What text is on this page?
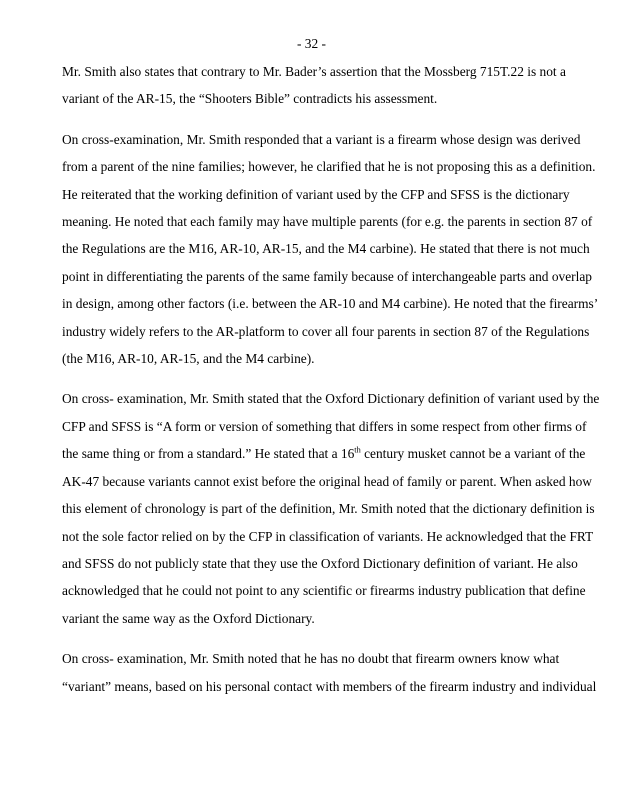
- 32 -
Mr. Smith also states that contrary to Mr. Bader’s assertion that the Mossberg 715T.22 is not a
variant of the AR-15, the “Shooters Bible” contradicts his assessment.
On cross-examination, Mr. Smith responded that a variant is a firearm whose design was derived
from a parent of the nine families; however, he clarified that he is not proposing this as a definition.
He reiterated that the working definition of variant used by the CFP and SFSS is the dictionary
meaning. He noted that each family may have multiple parents (for e.g. the parents in section 87 of
the Regulations are the M16, AR-10, AR-15, and the M4 carbine). He stated that there is not much
point in differentiating the parents of the same family because of interchangeable parts and overlap
in design, among other factors (i.e. between the AR-10 and M4 carbine). He noted that the firearms’
industry widely refers to the AR-platform to cover all four parents in section 87 of the Regulations
(the M16, AR-10, AR-15, and the M4 carbine).
On cross- examination, Mr. Smith stated that the Oxford Dictionary definition of variant used by the
CFP and SFSS is “A form or version of something that differs in some respect from other firms of
the same thing or from a standard.” He stated that a 16th century musket cannot be a variant of the
AK-47 because variants cannot exist before the original head of family or parent. When asked how
this element of chronology is part of the definition, Mr. Smith noted that the dictionary definition is
not the sole factor relied on by the CFP in classification of variants. He acknowledged that the FRT
and SFSS do not publicly state that they use the Oxford Dictionary definition of variant. He also
acknowledged that he could not point to any scientific or firearms industry publication that define
variant the same way as the Oxford Dictionary.
On cross- examination, Mr. Smith noted that he has no doubt that firearm owners know what
“variant” means, based on his personal contact with members of the firearm industry and individual
